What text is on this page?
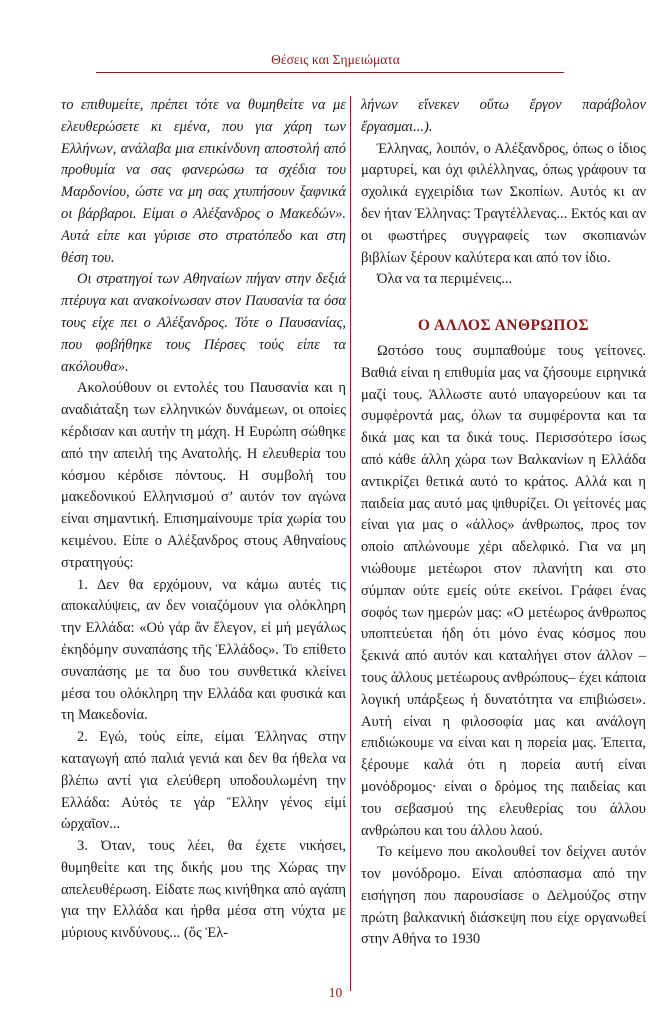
Θέσεις και Σημειώματα

το επιθυμείτε, πρέπει τότε να θυμηθείτε να με ελευθερώσετε κι εμένα, που για χάρη των Ελλήνων, ανάλαβα μια επικίνδυνη αποστολή από προθυμία να σας φανερώσω τα σχέδια του Μαρδονίου, ώστε να μη σας χτυπήσουν ξαφνικά οι βάρβαροι. Είμαι ο Αλέξανδρος ο Μακεδών». Αυτά είπε και γύρισε στο στρατόπεδο και στη θέση του.

Οι στρατηγοί των Αθηναίων πήγαν στην δεξιά πτέρυγα και ανακοίνωσαν στον Παυσανία τα όσα τους είχε πει ο Αλέξανδρος. Τότε ο Παυσανίας, που φοβήθηκε τους Πέρσες τούς είπε τα ακόλουθα».

Ακολούθουν οι εντολές του Παυσανία και η αναδιάταξη των ελληνικών δυνάμεων, οι οποίες κέρδισαν και αυτήν τη μάχη. Η Ευρώπη σώθηκε από την απειλή της Ανατολής. Η ελευθερία του κόσμου κέρδισε πόντους. Η συμβολή του μακεδονικού Ελληνισμού σ’ αυτόν τον αγώνα είναι σημαντική. Επισημαίνουμε τρία χωρία του κειμένου. Είπε ο Αλέξανδρος στους Αθηναίους στρατηγούς:

1. Δεν θα ερχόμουν, να κάμω αυτές τις αποκαλύψεις, αν δεν νοιαζόμουν για ολόκληρη την Ελλάδα: «Οὐ γάρ ἄν ἔλεγον, εἰ μή μεγάλως ἐκηδόμην συναπάσης τῆς Ἑλλάδος». Το επίθετο συναπάσης με τα δυο του συνθετικά κλείνει μέσα του ολόκληρη την Ελλάδα και φυσικά και τη Μακεδονία.

2. Εγώ, τούς είπε, είμαι Έλληνας στην καταγωγή από παλιά γενιά και δεν θα ήθελα να βλέπω αντί για ελεύθερη υποδουλωμένη την Ελλάδα: Αὐτός τε γάρ Ἕλλην γένος εἰμί ὠρχαῖον...

3. Όταν, τους λέει, θα έχετε νικήσει, θυμηθείτε και της δικής μου της Χώρας την απελευθέρωση. Είδατε πως κινήθηκα από αγάπη για την Ελλάδα και ήρθα μέσα στη νύχτα με μύριους κινδύνους... (ὅς Ἐλ-

λήνων εἵνεκεν οὕτω ἔργον παράβολον ἔργασμαι...).

Έλληνας, λοιπόν, ο Αλέξανδρος, όπως ο ίδιος μαρτυρεί, και όχι φιλέλληνας, όπως γράφουν τα σχολικά εγχειρίδια των Σκοπίων. Αυτός κι αν δεν ήταν Έλληνας: Τραγτέλλενας... Εκτός και αν οι φωστήρες συγγραφείς των σκοπιανών βιβλίων ξέρουν καλύτερα και από τον ίδιο.

Όλα να τα περιμένεις...

Ο ΑΛΛΟΣ ΑΝΘΡΩΠΟΣ

Ωστόσο τους συμπαθούμε τους γείτονες. Βαθιά είναι η επιθυμία μας να ζήσουμε ειρηνικά μαζί τους. Άλλωστε αυτό υπαγορεύουν και τα συμφέροντά μας, όλων τα συμφέροντα και τα δικά μας και τα δικά τους. Περισσότερο ίσως από κάθε άλλη χώρα των Βαλκανίων η Ελλάδα αντικρίζει θετικά αυτό το κράτος. Αλλά και η παιδεία μας αυτό μας ψιθυρίζει. Οι γείτονές μας είναι για μας ο «άλλος» άνθρωπος, προς τον οποίο απλώνουμε χέρι αδελφικό. Για να μη νιώθουμε μετέωροι στον πλανήτη και στο σύμπαν ούτε εμείς ούτε εκείνοι. Γράφει ένας σοφός των ημερών μας: «Ο μετέωρος άνθρωπος υποπτεύεται ήδη ότι μόνο ένας κόσμος που ξεκινά από αυτόν και καταλήγει στον άλλον –τους άλλους μετέωρους ανθρώπους– έχει κάποια λογική υπάρξεως ή δυνατότητα να επιβιώσει». Αυτή είναι η φιλοσοφία μας και ανάλογη επιδιώκουμε να είναι και η πορεία μας. Έπειτα, ξέρουμε καλά ότι η πορεία αυτή είναι μονόδρομος· είναι ο δρόμος της παιδείας και του σεβασμού της ελευθερίας του άλλου ανθρώπου και του άλλου λαού.

Το κείμενο που ακολουθεί τον δείχνει αυτόν τον μονόδρομο. Είναι απόσπασμα από την εισήγηση που παρουσίασε ο Δελμούζος στην πρώτη βαλκανική διάσκεψη που είχε οργανωθεί στην Αθήνα το 1930

10
